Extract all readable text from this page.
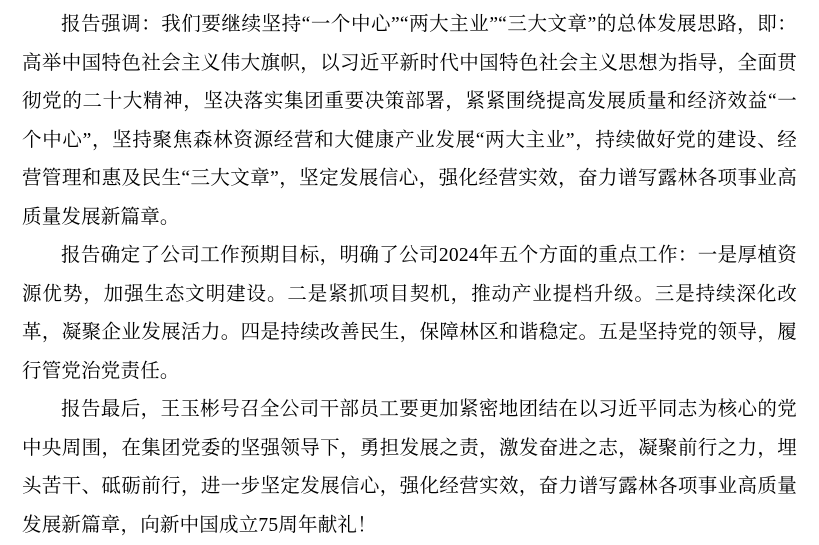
报告强调：我们要继续坚持“一个中心”“两大主业”“三大文章”的总体发展思路，即：高举中国特色社会主义伟大旗帜，以习近平新时代中国特色社会主义思想为指导，全面贯彻党的二十大精神，坚决落实集团重要决策部署，紧紧围绕提高发展质量和经济效益“一个中心”，坚持聚焦森林资源经营和大健康产业发展“两大主业”，持续做好党的建设、经营管理和惠及民生“三大文章”，坚定发展信心，强化经营实效，奋力谱写露林各项事业高质量发展新篇章。

报告确定了公司工作预期目标，明确了公司2024年五个方面的重点工作：一是厚植资源优势，加强生态文明建设。二是紧抓项目契机，推动产业提档升级。三是持续深化改革，凝聚企业发展活力。四是持续改善民生，保障林区和谐稳定。五是坚持党的领导，履行管党治党责任。

报告最后，王玉彬号召全公司干部员工要更加紧密地团结在以习近平同志为核心的党中央周围，在集团党委的坚强领导下，勇担发展之责，激发奋进之志，凝聚前行之力，埋头苦干、砥砺前行，进一步坚定发展信心，强化经营实效，奋力谱写露林各项事业高质量发展新篇章，向新中国成立75周年献礼！
